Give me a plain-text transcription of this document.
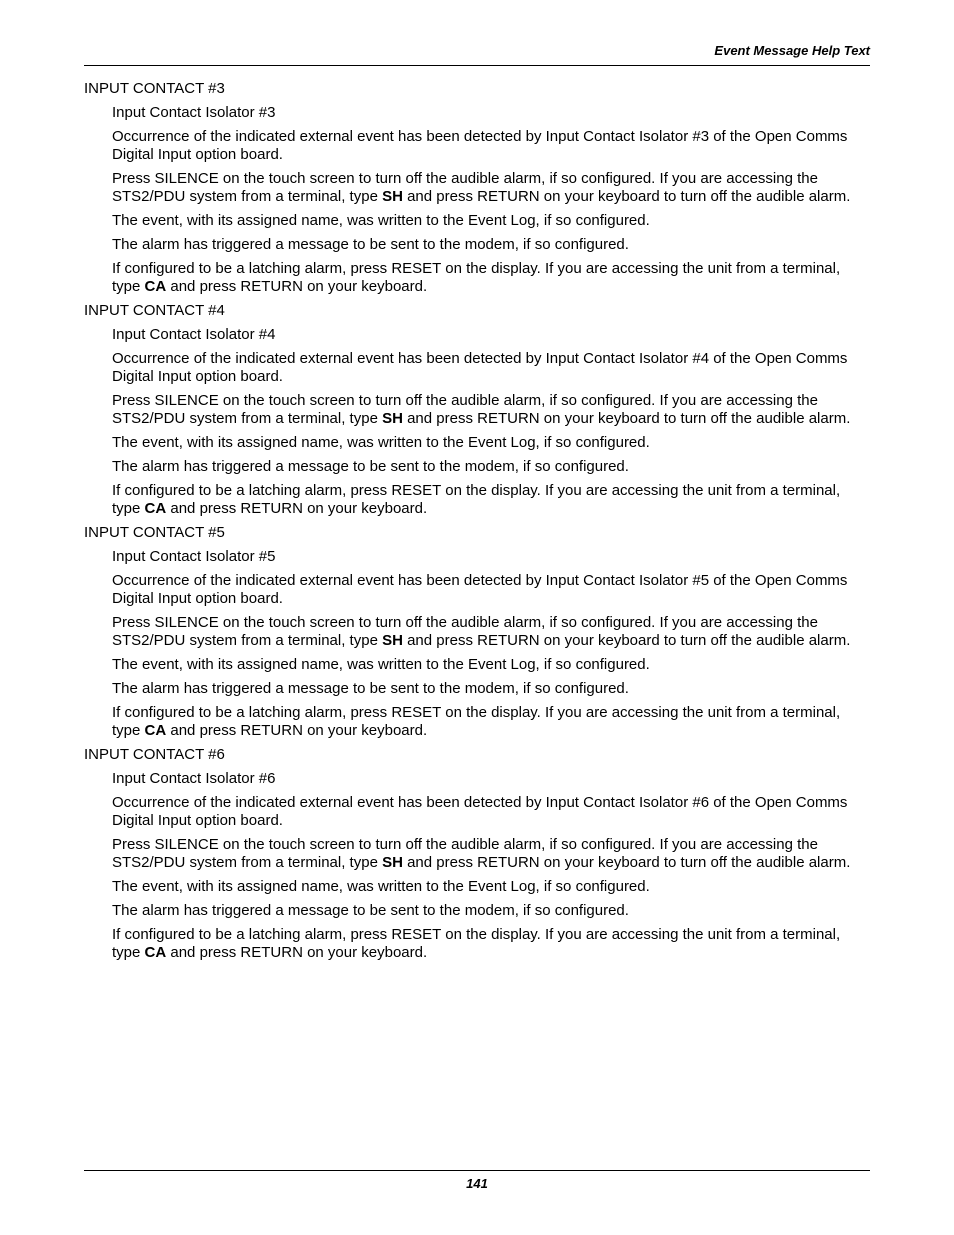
Event Message Help Text

INPUT CONTACT #3

Input Contact Isolator #3

Occurrence of the indicated external event has been detected by Input Contact Isolator #3 of the Open Comms Digital Input option board.

Press SILENCE on the touch screen to turn off the audible alarm, if so configured. If you are accessing the STS2/PDU system from a terminal, type SH and press RETURN on your keyboard to turn off the audible alarm.

The event, with its assigned name, was written to the Event Log, if so configured.

The alarm has triggered a message to be sent to the modem, if so configured.

If configured to be a latching alarm, press RESET on the display. If you are accessing the unit from a terminal, type CA and press RETURN on your keyboard.

INPUT CONTACT #4

Input Contact Isolator #4

Occurrence of the indicated external event has been detected by Input Contact Isolator #4 of the Open Comms Digital Input option board.

Press SILENCE on the touch screen to turn off the audible alarm, if so configured. If you are accessing the STS2/PDU system from a terminal, type SH and press RETURN on your keyboard to turn off the audible alarm.

The event, with its assigned name, was written to the Event Log, if so configured.

The alarm has triggered a message to be sent to the modem, if so configured.

If configured to be a latching alarm, press RESET on the display. If you are accessing the unit from a terminal, type CA and press RETURN on your keyboard.

INPUT CONTACT #5

Input Contact Isolator #5

Occurrence of the indicated external event has been detected by Input Contact Isolator #5 of the Open Comms Digital Input option board.

Press SILENCE on the touch screen to turn off the audible alarm, if so configured. If you are accessing the STS2/PDU system from a terminal, type SH and press RETURN on your keyboard to turn off the audible alarm.

The event, with its assigned name, was written to the Event Log, if so configured.

The alarm has triggered a message to be sent to the modem, if so configured.

If configured to be a latching alarm, press RESET on the display. If you are accessing the unit from a terminal, type CA and press RETURN on your keyboard.

INPUT CONTACT #6

Input Contact Isolator #6

Occurrence of the indicated external event has been detected by Input Contact Isolator #6 of the Open Comms Digital Input option board.

Press SILENCE on the touch screen to turn off the audible alarm, if so configured. If you are accessing the STS2/PDU system from a terminal, type SH and press RETURN on your keyboard to turn off the audible alarm.

The event, with its assigned name, was written to the Event Log, if so configured.

The alarm has triggered a message to be sent to the modem, if so configured.

If configured to be a latching alarm, press RESET on the display. If you are accessing the unit from a terminal, type CA and press RETURN on your keyboard.

141
